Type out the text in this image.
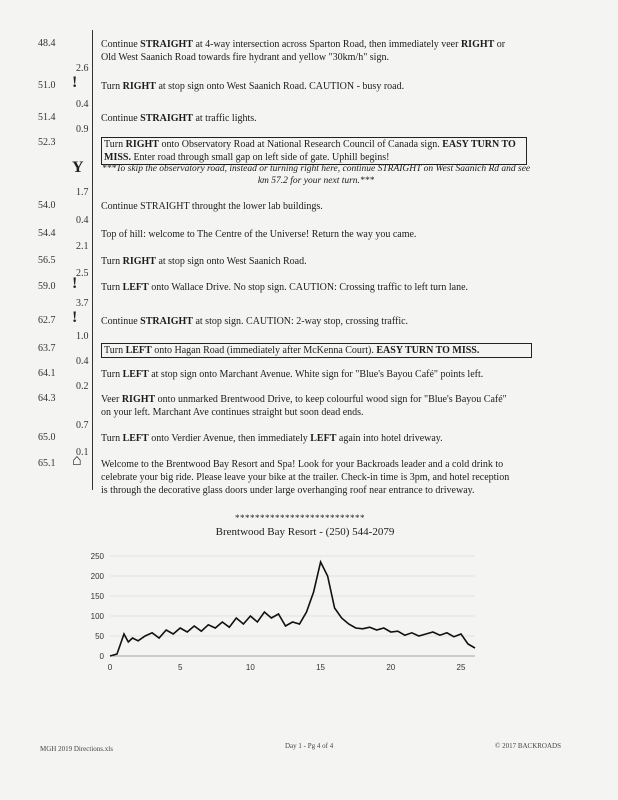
48.4	Continue STRAIGHT at 4-way intersection across Sparton Road, then immediately veer RIGHT or Old West Saanich Road towards fire hydrant and yellow "30km/h" sign.
2.6
51.0	Turn RIGHT at stop sign onto West Saanich Road. CAUTION - busy road.
!
0.4
51.4	Continue STRAIGHT at traffic lights.
0.9
52.3	Turn RIGHT onto Observatory Road at National Research Council of Canada sign. EASY TURN TO MISS. Enter road through small gap on left side of gate. Uphill begins!
Y ***To skip the observatory road, instead or turning right here, continue STRAIGHT on West Saanich Rd and see km 57.2 for your next turn.***
1.7
54.0	Continue STRAIGHT throught the lower lab buildings.
0.4
54.4	Top of hill: welcome to The Centre of the Universe! Return the way you came.
2.1
56.5	Turn RIGHT at stop sign onto West Saanich Road.
2.5
59.0	Turn LEFT onto Wallace Drive. No stop sign. CAUTION: Crossing traffic to left turn lane.
!
3.7
62.7	Continue STRAIGHT at stop sign. CAUTION: 2-way stop, crossing traffic.
!
1.0
63.7	Turn LEFT onto Hagan Road (immediately after McKenna Court). EASY TURN TO MISS.
0.4
64.1	Turn LEFT at stop sign onto Marchant Avenue. White sign for "Blue's Bayou Café" points left.
0.2
64.3	Veer RIGHT onto unmarked Brentwood Drive, to keep colourful wood sign for "Blue's Bayou Café" on your left. Marchant Ave continues straight but soon dead ends.
0.7
65.0	Turn LEFT onto Verdier Avenue, then immediately LEFT again into hotel driveway.
0.1
65.1	Welcome to the Brentwood Bay Resort and Spa! Look for your Backroads leader and a cold drink to celebrate your big ride. Please leave your bike at the trailer. Check-in time is 3pm, and hotel reception is through the decorative glass doors under large overhanging roof near entrance to driveway.
⌂
**************************
Brentwood Bay Resort - (250) 544-2079
0
50
100
150
200
250
0	5	10	15	20	25
MGH 2019 Directions.xls	Day 1 - Pg 4 of 4	© 2017 BACKROADS
